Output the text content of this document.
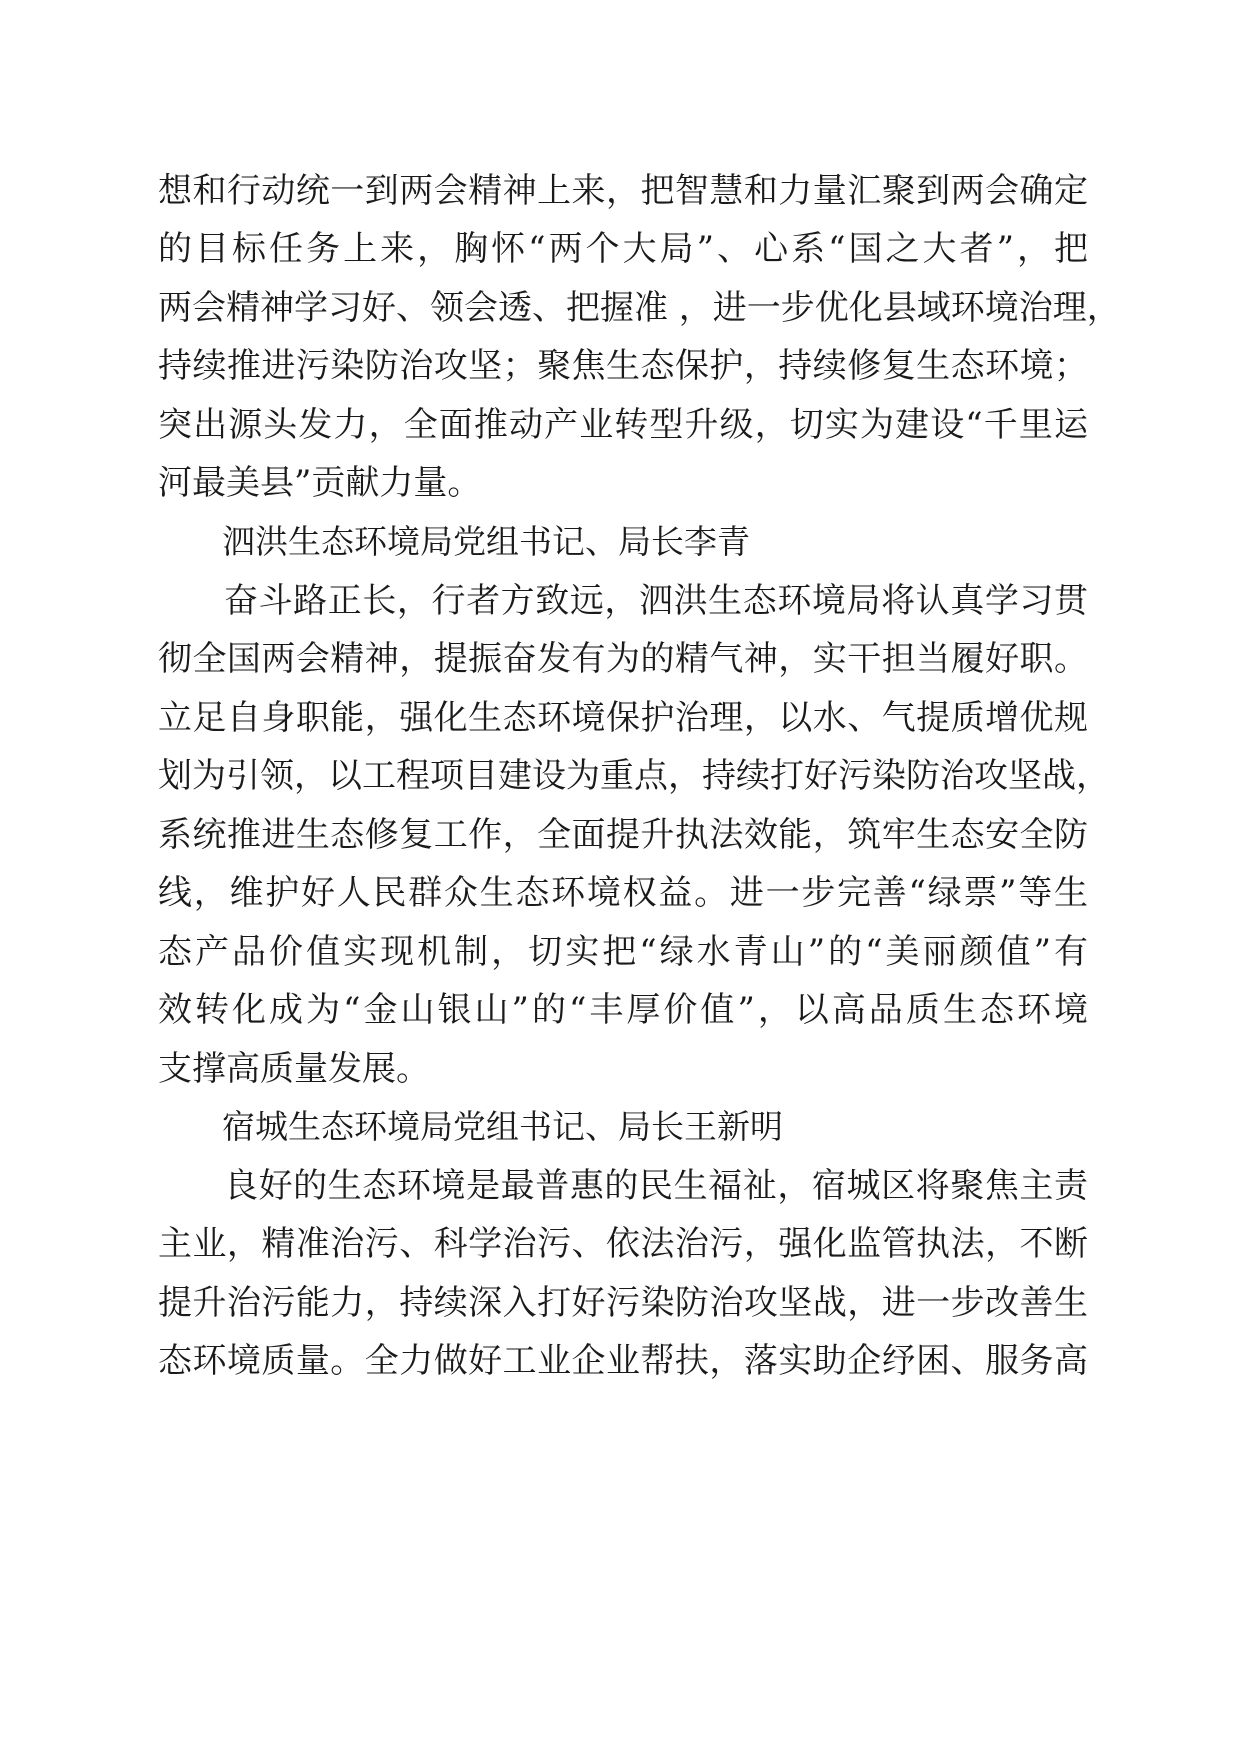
想和行动统一到两会精神上来，把智慧和力量汇聚到两会确定
的目标任务上来，胸怀“两个大局”、心系“国之大者”，把
两会精神学习好、领会透、把握准 ，进一步优化县域环境治理，
持续推进污染防治攻坚；聚焦生态保护，持续修复生态环境；
突出源头发力，全面推动产业转型升级，切实为建设“千里运
河最美县”贡献力量。
泗洪生态环境局党组书记、局长李青
奋斗路正长，行者方致远，泗洪生态环境局将认真学习贯
彻全国两会精神，提振奋发有为的精气神，实干担当履好职。
立足自身职能，强化生态环境保护治理，以水、气提质增优规
划为引领，以工程项目建设为重点，持续打好污染防治攻坚战，
系统推进生态修复工作，全面提升执法效能，筑牢生态安全防
线，维护好人民群众生态环境权益。进一步完善“绿票”等生
态产品价值实现机制，切实把“绿水青山”的“美丽颜值”有
效转化成为“金山银山”的“丰厚价值”，以高品质生态环境
支撑高质量发展。
宿城生态环境局党组书记、局长王新明
良好的生态环境是最普惠的民生福祉，宿城区将聚焦主责
主业，精准治污、科学治污、依法治污，强化监管执法，不断
提升治污能力，持续深入打好污染防治攻坚战，进一步改善生
态环境质量。全力做好工业企业帮扶，落实助企纾困、服务高
